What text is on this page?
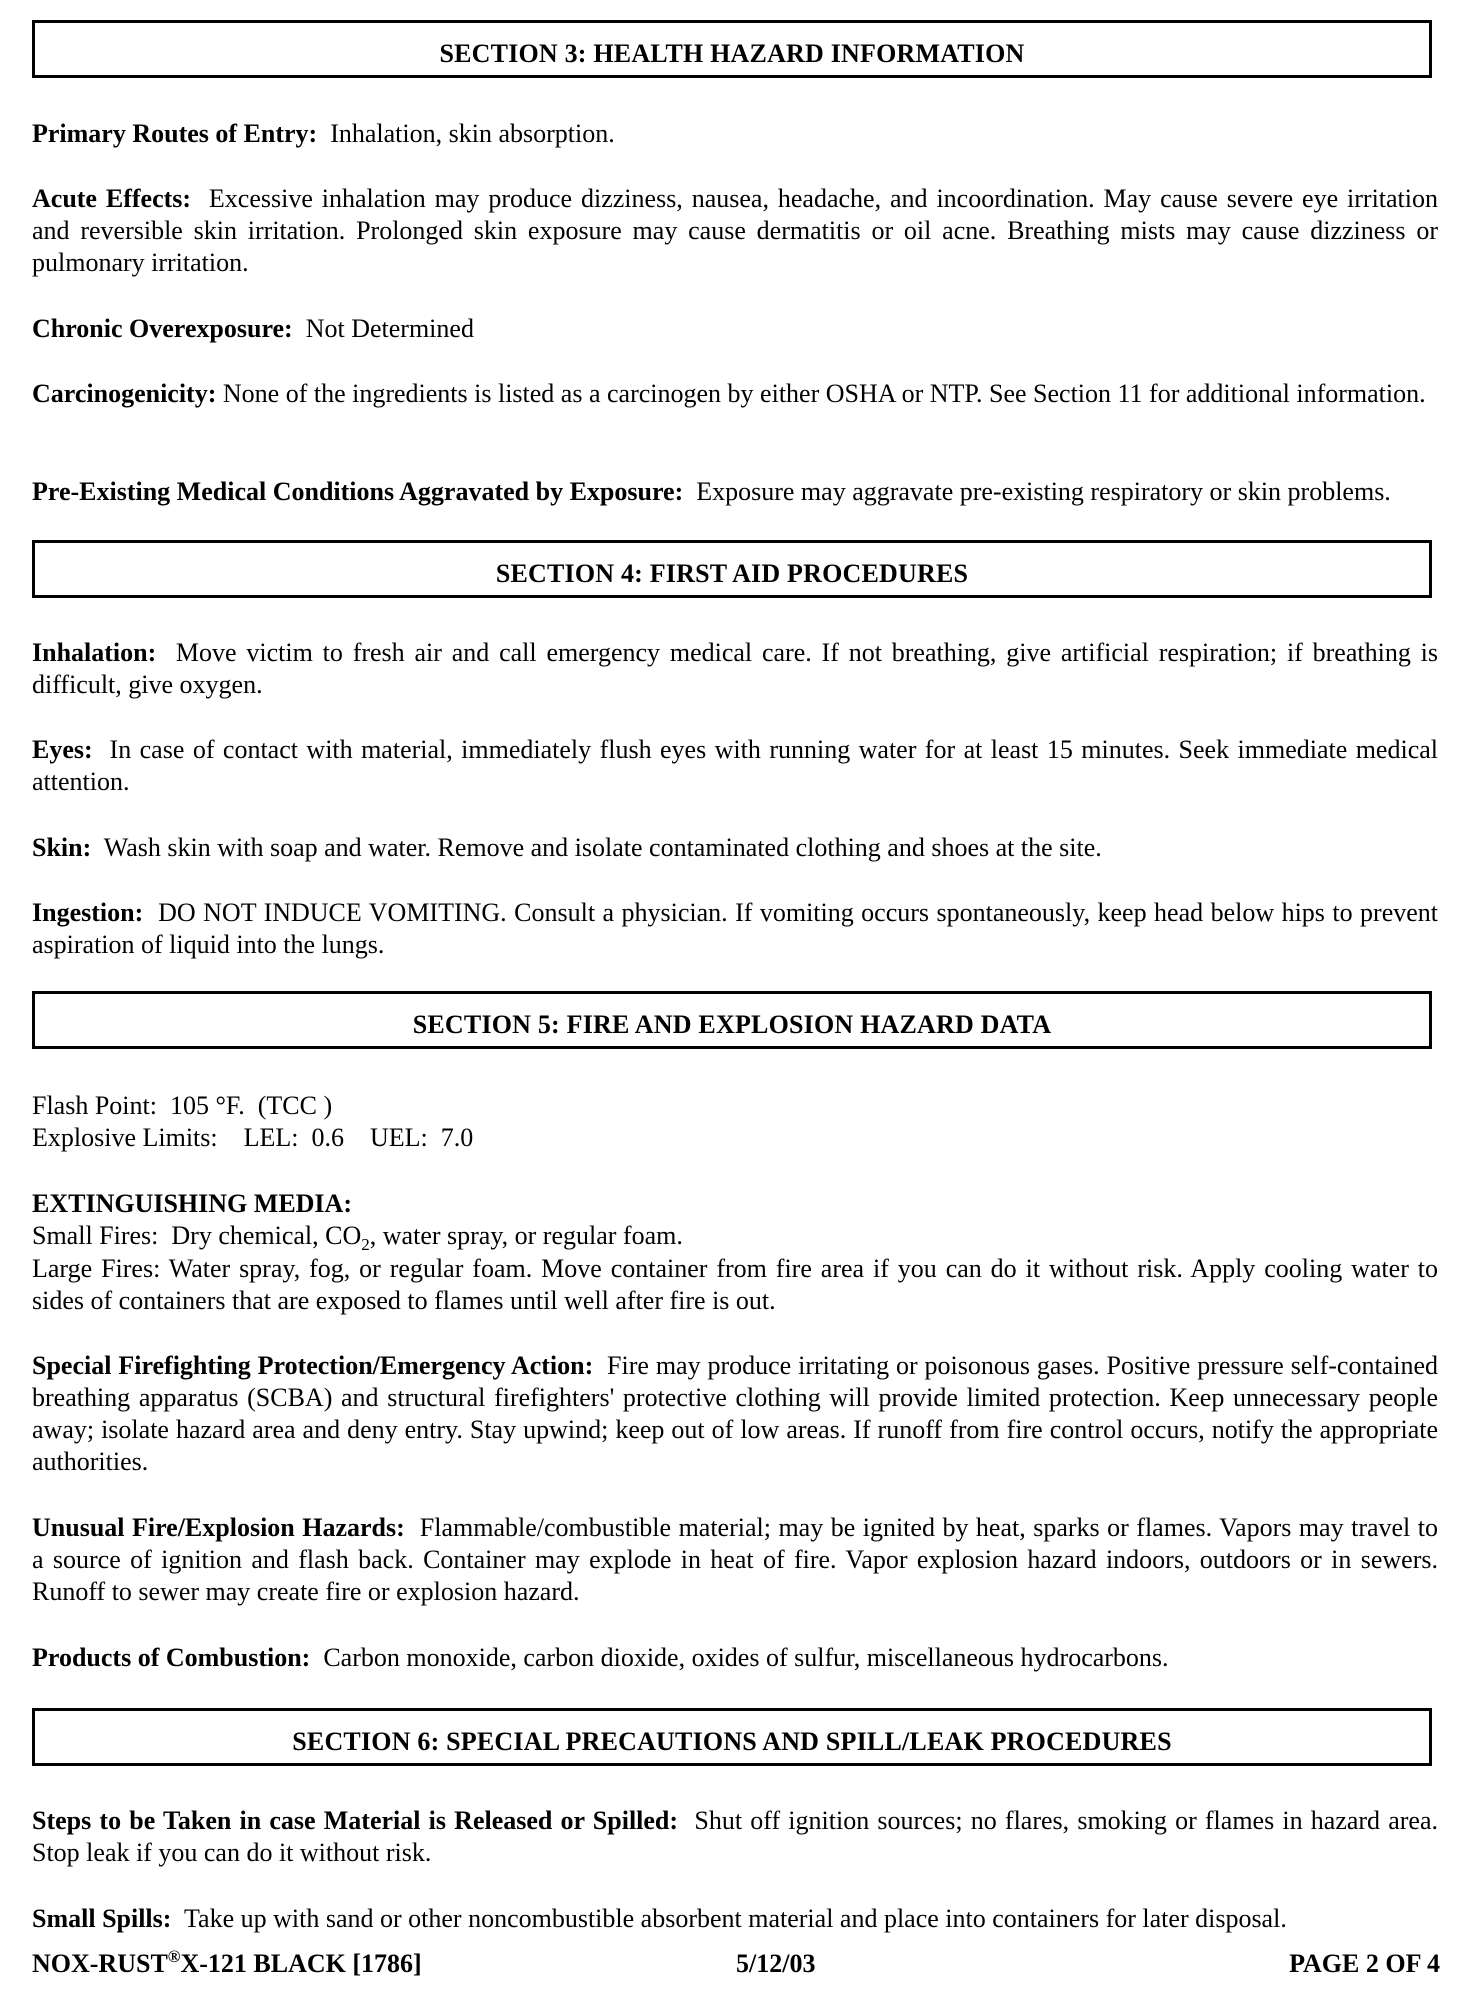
SECTION 3: HEALTH HAZARD INFORMATION

Primary Routes of Entry: Inhalation, skin absorption.

Acute Effects: Excessive inhalation may produce dizziness, nausea, headache, and incoordination. May cause severe eye irritation and reversible skin irritation. Prolonged skin exposure may cause dermatitis or oil acne. Breathing mists may cause dizziness or pulmonary irritation.

Chronic Overexposure: Not Determined

Carcinogenicity: None of the ingredients is listed as a carcinogen by either OSHA or NTP. See Section 11 for additional information.

Pre-Existing Medical Conditions Aggravated by Exposure: Exposure may aggravate pre-existing respiratory or skin problems.

SECTION 4: FIRST AID PROCEDURES

Inhalation: Move victim to fresh air and call emergency medical care. If not breathing, give artificial respiration; if breathing is difficult, give oxygen.

Eyes: In case of contact with material, immediately flush eyes with running water for at least 15 minutes. Seek immediate medical attention.

Skin: Wash skin with soap and water. Remove and isolate contaminated clothing and shoes at the site.

Ingestion: DO NOT INDUCE VOMITING. Consult a physician. If vomiting occurs spontaneously, keep head below hips to prevent aspiration of liquid into the lungs.

SECTION 5: FIRE AND EXPLOSION HAZARD DATA

Flash Point:  105 °F.  (TCC )

Explosive Limits: LEL:  0.6 UEL:  7.0

EXTINGUISHING MEDIA:

Small Fires:  Dry chemical, $CO_2$, water spray, or regular foam.

Large Fires: Water spray, fog, or regular foam. Move container from fire area if you can do it without risk. Apply cooling water to sides of containers that are exposed to flames until well after fire is out.

Special Firefighting Protection/Emergency Action: Fire may produce irritating or poisonous gases. Positive pressure self-contained breathing apparatus (SCBA) and structural firefighters' protective clothing will provide limited protection. Keep unnecessary people away; isolate hazard area and deny entry. Stay upwind; keep out of low areas. If runoff from fire control occurs, notify the appropriate authorities.

Unusual Fire/Explosion Hazards: Flammable/combustible material; may be ignited by heat, sparks or flames. Vapors may travel to a source of ignition and flash back. Container may explode in heat of fire. Vapor explosion hazard indoors, outdoors or in sewers. Runoff to sewer may create fire or explosion hazard.

Products of Combustion: Carbon monoxide, carbon dioxide, oxides of sulfur, miscellaneous hydrocarbons.

SECTION 6: SPECIAL PRECAUTIONS AND SPILL/LEAK PROCEDURES

Steps to be Taken in case Material is Released or Spilled: Shut off ignition sources; no flares, smoking or flames in hazard area. Stop leak if you can do it without risk.

Small Spills: Take up with sand or other noncombustible absorbent material and place into containers for later disposal.

NOX-RUST®X-121 BLACK [1786]	5/12/03	PAGE 2 OF 4
